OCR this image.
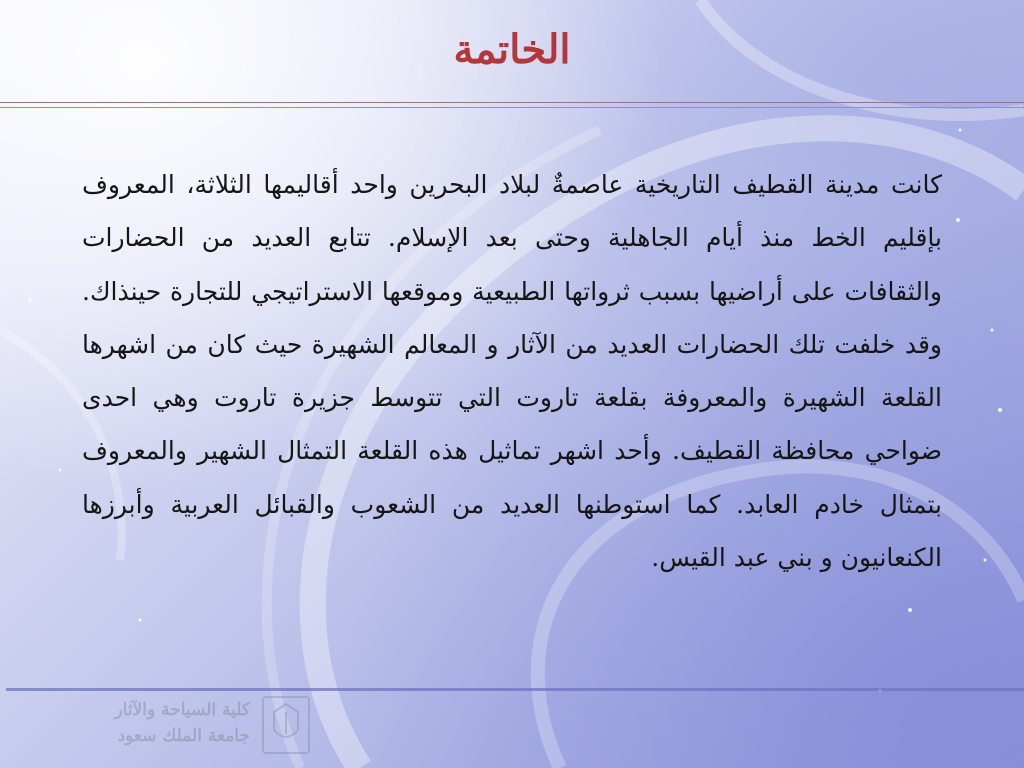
الخاتمة

كانت مدينة القطيف التاريخية عاصمةٌ لبلاد البحرين واحد أقاليمها الثلاثة، المعروف بإقليم الخط منذ أيام الجاهلية وحتى بعد الإسلام. تتابع العديد من الحضارات والثقافات على أراضيها بسبب ثرواتها الطبيعية وموقعها الاستراتيجي للتجارة حينذاك. وقد خلفت تلك الحضارات العديد من الآثار و المعالم الشهيرة حيث كان من اشهرها القلعة الشهيرة والمعروفة بقلعة تاروت التي تتوسط جزيرة تاروت وهي احدى ضواحي محافظة القطيف. وأحد اشهر تماثيل هذه القلعة التمثال الشهير والمعروف بتمثال خادم العابد. كما استوطنها العديد من الشعوب والقبائل العربية وأبرزها الكنعانيون و بني عبد القيس.

كلية السياحة والآثار
جامعة الملك سعود
